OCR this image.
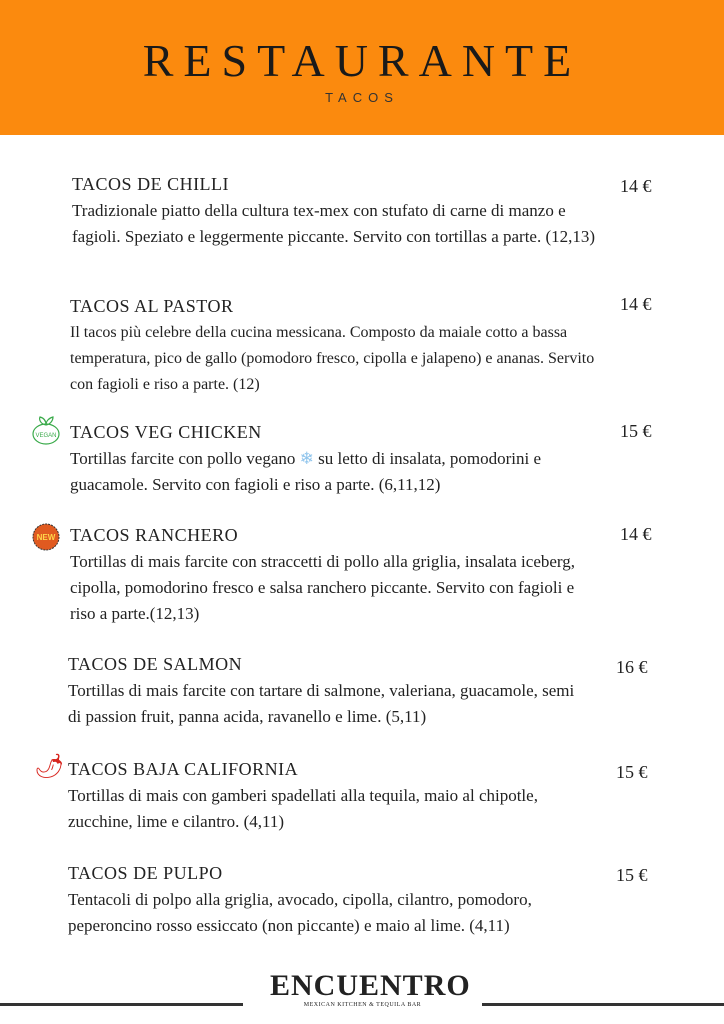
RESTAURANTE
TACOS
TACOS DE CHILLI
Tradizionale piatto della cultura tex-mex con stufato di carne di manzo e fagioli. Speziato e leggermente piccante. Servito con tortillas a parte. (12,13)
14 €
TACOS AL PASTOR
Il tacos più celebre della cucina messicana. Composto da maiale cotto a bassa temperatura, pico de gallo (pomodoro fresco, cipolla e jalapeno) e ananas. Servito con fagioli e riso a parte. (12)
14 €
VEGAN TACOS VEG CHICKEN
Tortillas farcite con pollo vegano ❄ su letto di insalata, pomodorini e guacamole. Servito con fagioli e riso a parte. (6,11,12)
15 €
NEW TACOS RANCHERO
Tortillas di mais farcite con straccetti di pollo alla griglia, insalata iceberg, cipolla, pomodorino fresco e salsa ranchero piccante. Servito con fagioli e riso a parte.(12,13)
14 €
TACOS DE SALMON
Tortillas di mais farcite con tartare di salmone, valeriana, guacamole, semi di passion fruit, panna acida, ravanello e lime. (5,11)
16 €
🌶 TACOS BAJA CALIFORNIA
Tortillas di mais con gamberi spadellati alla tequila, maio al chipotle, zucchine, lime e cilantro. (4,11)
15 €
TACOS DE PULPO
Tentacoli di polpo alla griglia, avocado, cipolla, cilantro, pomodoro, peperoncino rosso essiccato (non piccante) e maio al lime. (4,11)
15 €
ENCUENTRO
MEXICAN KITCHEN & TEQUILA BAR
